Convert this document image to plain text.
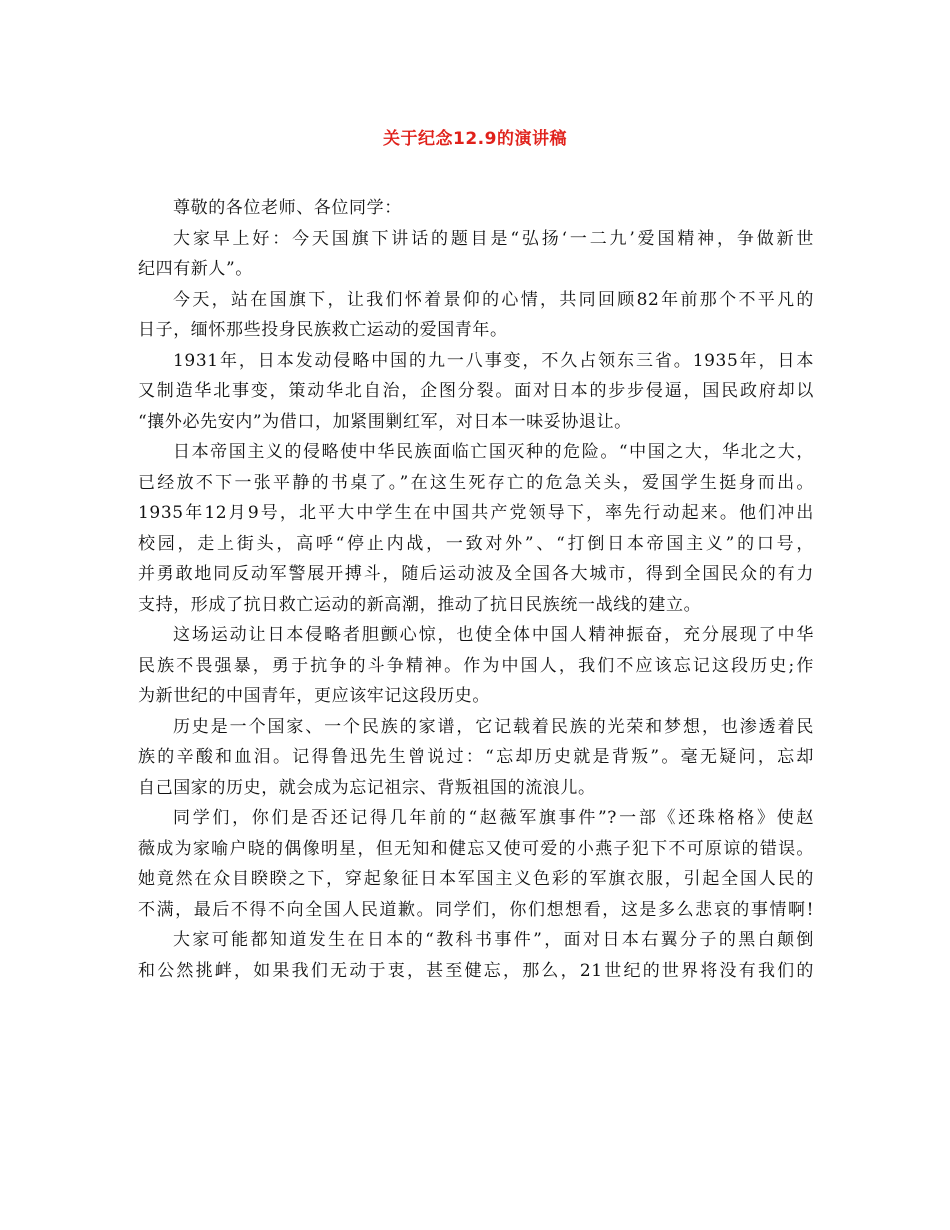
关于纪念12.9的演讲稿
尊敬的各位老师、各位同学：
大家早上好：今天国旗下讲话的题目是“弘扬‘一二九’爱国精神，争做新世
纪四有新人”。
今天，站在国旗下，让我们怀着景仰的心情，共同回顾82年前那个不平凡的
日子，缅怀那些投身民族救亡运动的爱国青年。
1931年，日本发动侵略中国的九一八事变，不久占领东三省。1935年，日本
又制造华北事变，策动华北自治，企图分裂。面对日本的步步侵逼，国民政府却以
“攘外必先安内”为借口，加紧围剿红军，对日本一味妥协退让。
日本帝国主义的侵略使中华民族面临亡国灭种的危险。“中国之大，华北之大，
已经放不下一张平静的书桌了。”在这生死存亡的危急关头，爱国学生挺身而出。
1935年12月9号，北平大中学生在中国共产党领导下，率先行动起来。他们冲出
校园，走上街头，高呼“停止内战，一致对外”、“打倒日本帝国主义”的口号，
并勇敢地同反动军警展开搏斗，随后运动波及全国各大城市，得到全国民众的有力
支持，形成了抗日救亡运动的新高潮，推动了抗日民族统一战线的建立。
这场运动让日本侵略者胆颤心惊，也使全体中国人精神振奋，充分展现了中华
民族不畏强暴，勇于抗争的斗争精神。作为中国人，我们不应该忘记这段历史;作
为新世纪的中国青年，更应该牢记这段历史。
历史是一个国家、一个民族的家谱，它记载着民族的光荣和梦想，也渗透着民
族的辛酸和血泪。记得鲁迅先生曾说过：“忘却历史就是背叛”。毫无疑问，忘却
自己国家的历史，就会成为忘记祖宗、背叛祖国的流浪儿。
同学们，你们是否还记得几年前的“赵薇军旗事件”?一部《还珠格格》使赵
薇成为家喻户晓的偶像明星，但无知和健忘又使可爱的小燕子犯下不可原谅的错误。
她竟然在众目睽睽之下，穿起象征日本军国主义色彩的军旗衣服，引起全国人民的
不满，最后不得不向全国人民道歉。同学们，你们想想看，这是多么悲哀的事情啊!
大家可能都知道发生在日本的“教科书事件”，面对日本右翼分子的黑白颠倒
和公然挑衅，如果我们无动于衷，甚至健忘，那么，21世纪的世界将没有我们的
